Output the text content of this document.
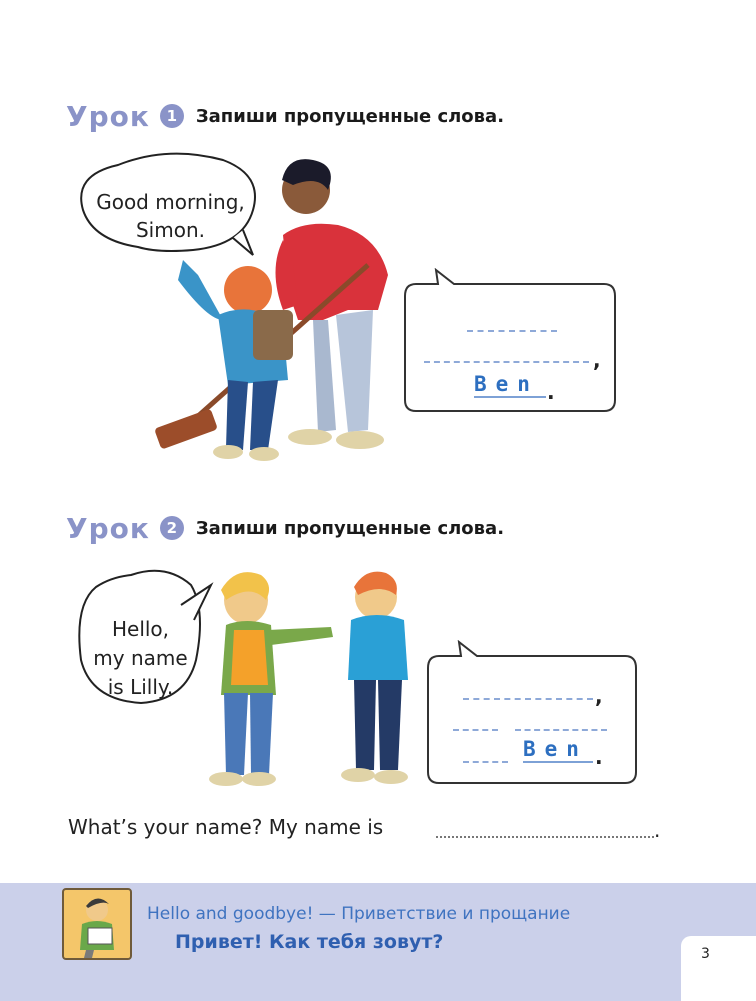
Урок	1	Запиши пропущенные слова.
Good morning,
Simon.
,
Ben .
Урок	2	Запиши пропущенные слова.
Hello,
my name
is Lilly.	,
Ben .
What’s your name? My name is	.
Hello and goodbye! — Приветствие и прощание
Привет! Как тебя зовут?
3
